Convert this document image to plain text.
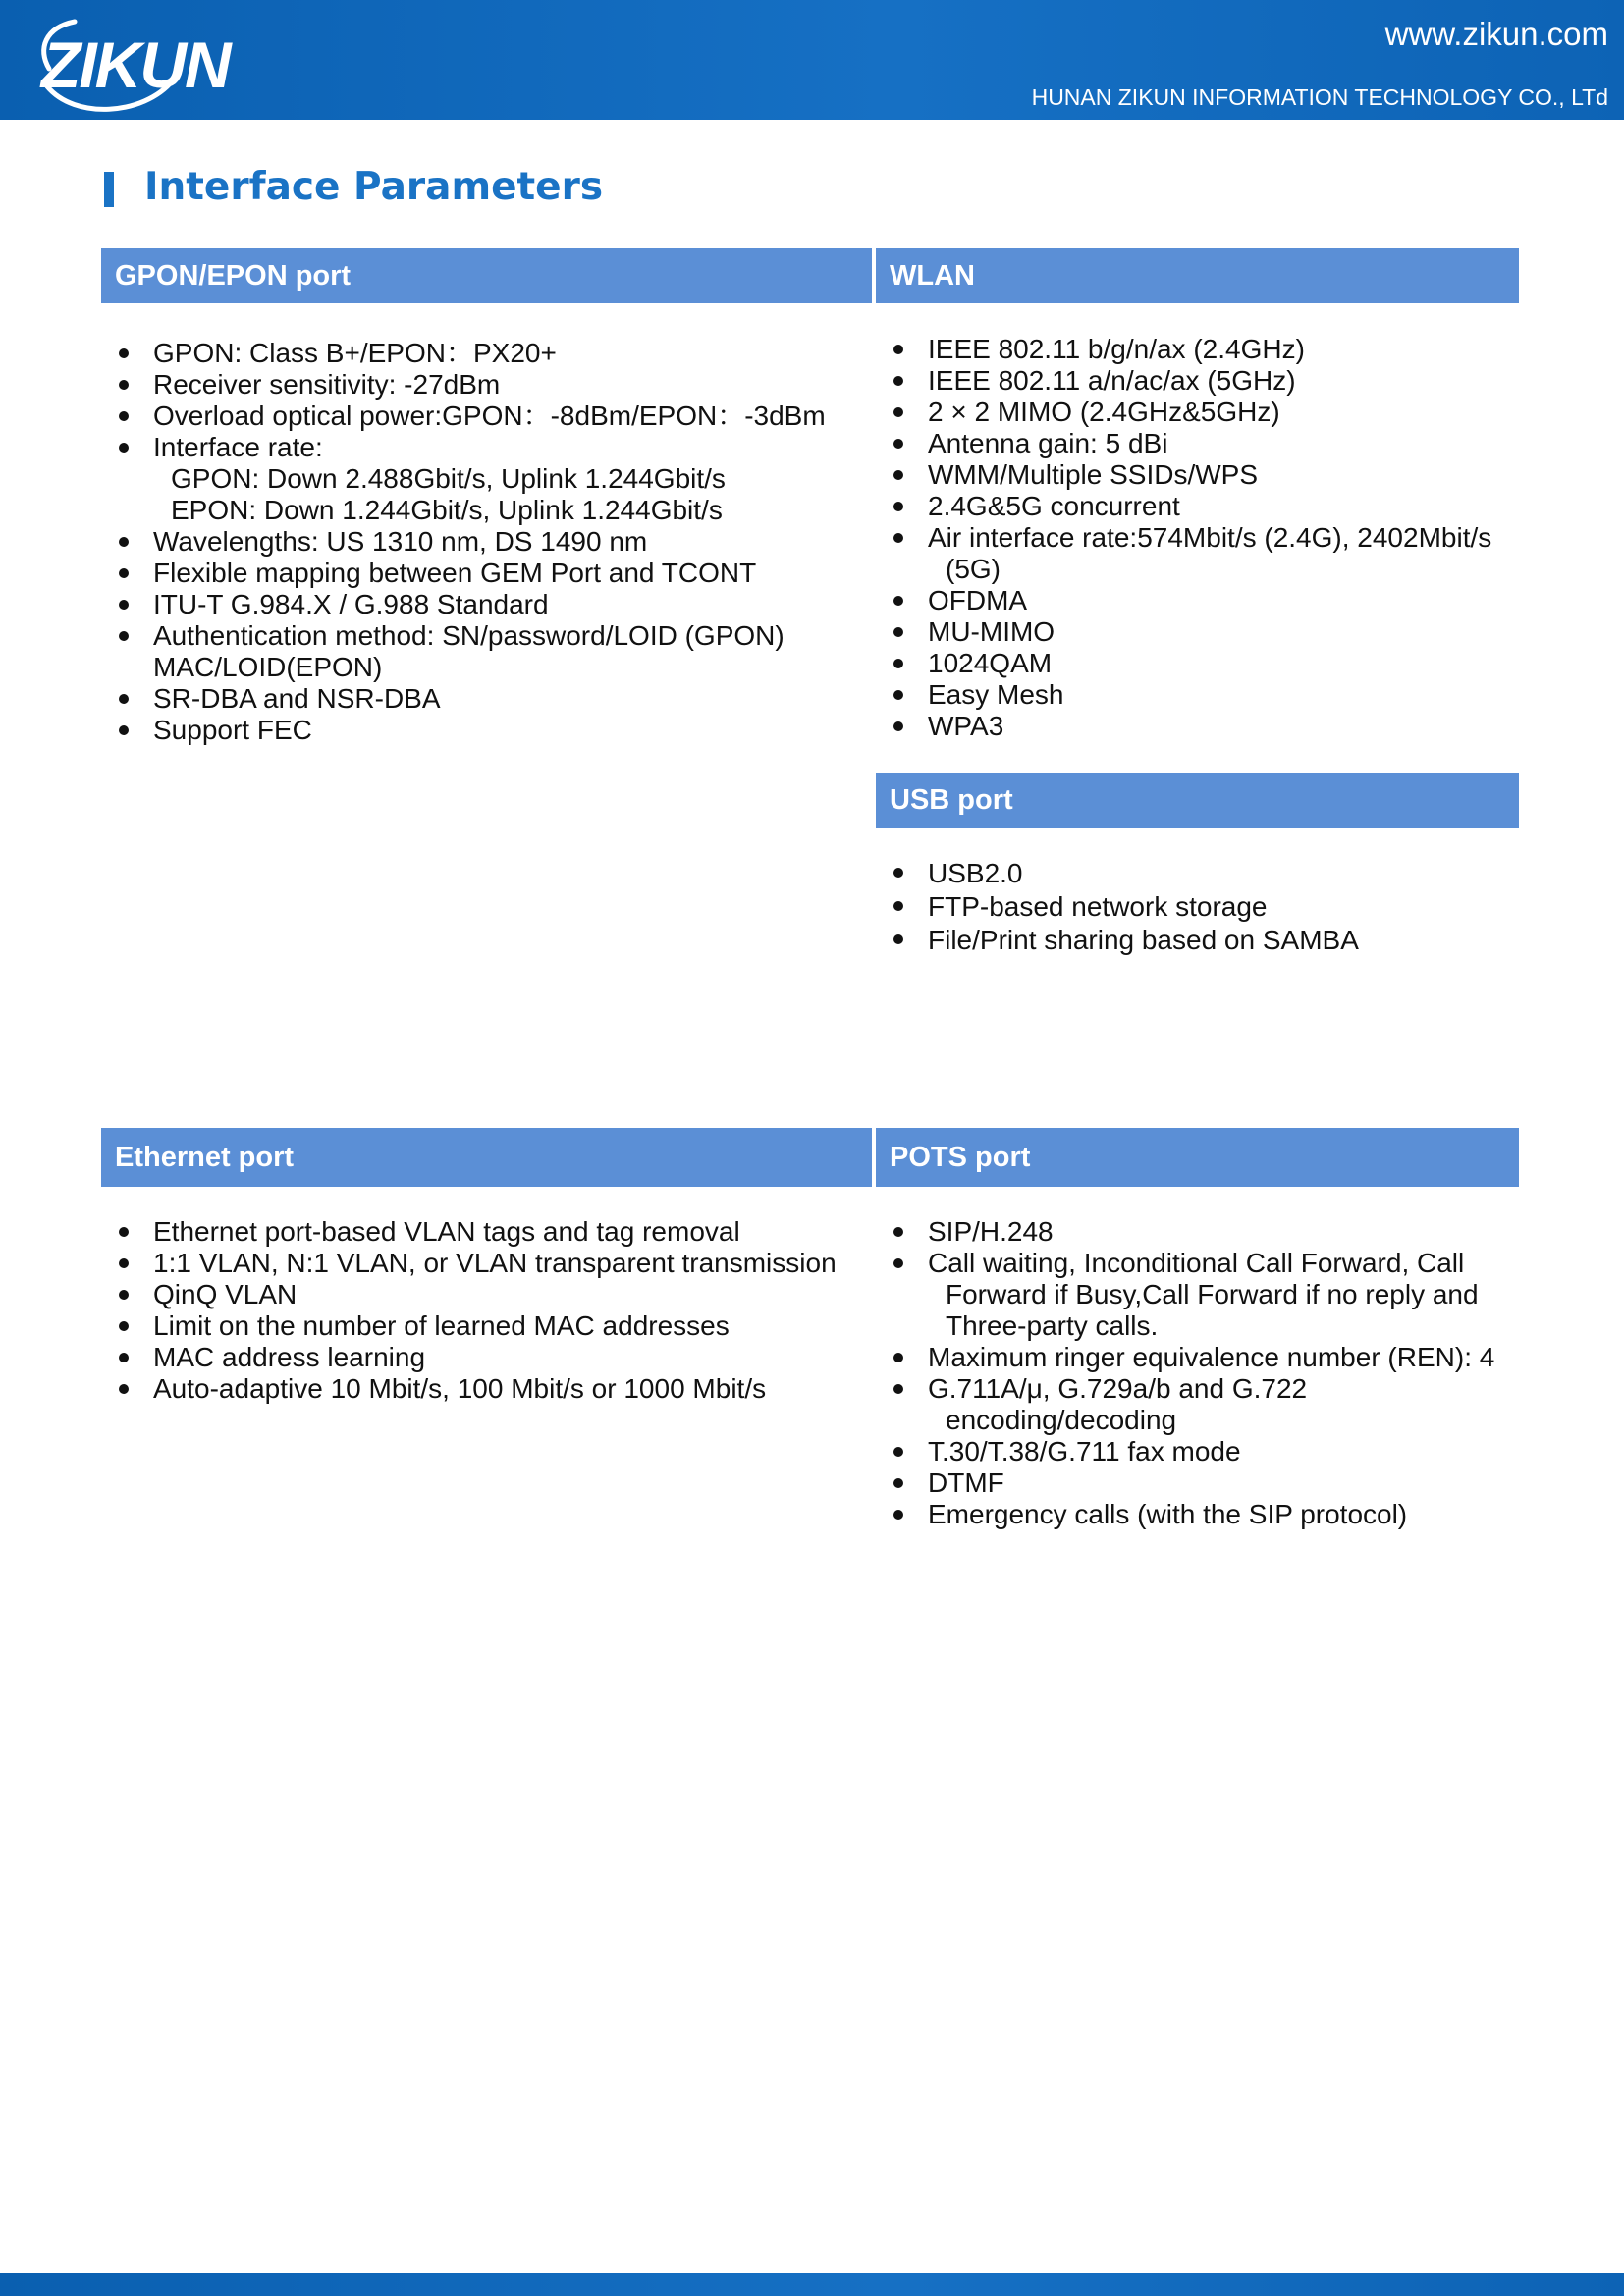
ZIKUN	www.zikun.com
HUNAN ZIKUN INFORMATION TECHNOLOGY CO., LTd
Interface Parameters
GPON/EPON port
GPON: Class B+/EPON：PX20+
Receiver sensitivity: -27dBm
Overload optical power:GPON：-8dBm/EPON：-3dBm
Interface rate:
GPON: Down 2.488Gbit/s, Uplink 1.244Gbit/s
EPON: Down 1.244Gbit/s, Uplink 1.244Gbit/s
Wavelengths: US 1310 nm, DS 1490 nm
Flexible mapping between GEM Port and TCONT
ITU-T G.984.X / G.988 Standard
Authentication method: SN/password/LOID (GPON)
MAC/LOID(EPON)
SR-DBA and NSR-DBA
Support FEC
WLAN
IEEE 802.11 b/g/n/ax (2.4GHz)
IEEE 802.11 a/n/ac/ax (5GHz)
2 × 2 MIMO (2.4GHz&5GHz)
Antenna gain: 5 dBi
WMM/Multiple SSIDs/WPS
2.4G&5G concurrent
Air interface rate:574Mbit/s (2.4G), 2402Mbit/s
(5G)
OFDMA
MU-MIMO
1024QAM
Easy Mesh
WPA3
USB port
USB2.0
FTP-based network storage
File/Print sharing based on SAMBA
Ethernet port
Ethernet port-based VLAN tags and tag removal
1:1 VLAN, N:1 VLAN, or VLAN transparent transmission
QinQ VLAN
Limit on the number of learned MAC addresses
MAC address learning
Auto-adaptive 10 Mbit/s, 100 Mbit/s or 1000 Mbit/s
POTS port
SIP/H.248
Call waiting, Inconditional Call Forward, Call
Forward if Busy,Call Forward if no reply and
Three-party calls.
Maximum ringer equivalence number (REN): 4
G.711A/μ, G.729a/b and G.722
encoding/decoding
T.30/T.38/G.711 fax mode
DTMF
Emergency calls (with the SIP protocol)
